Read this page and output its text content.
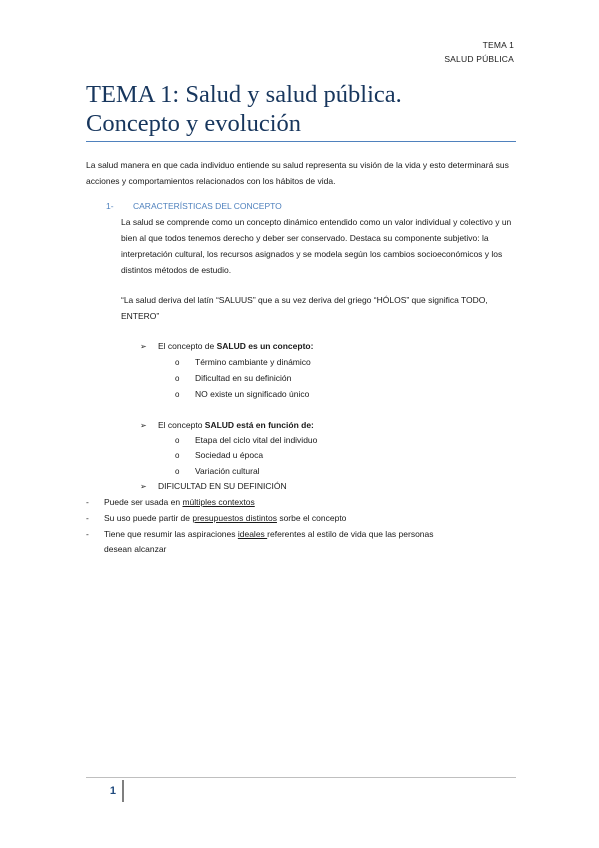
TEMA 1
SALUD PÚBLICA
TEMA 1: Salud y salud pública.
Concepto y evolución

La salud manera en que cada individuo entiende su salud representa su visión de la vida y esto determinará sus acciones y comportamientos relacionados con los hábitos de vida.

1- CARACTERÍSTICAS DEL CONCEPTO

La salud se comprende como un concepto dinámico entendido como un valor individual y colectivo y un bien al que todos tenemos derecho y deber ser conservado. Destaca su componente subjetivo: la interpretación cultural, los recursos asignados y se modela según los cambios socioeconómicos y los distintos métodos de estudio.

“La salud deriva del latín “SALUUS” que a su vez deriva del griego “HÓLOS” que significa TODO, ENTERO”

➢ El concepto de SALUD es un concepto:
o Término cambiante y dinámico
o Dificultad en su definición
o NO existe un significado único
➢ El concepto SALUD está en función de:
o Etapa del ciclo vital del individuo
o Sociedad u época
o Variación cultural
➢ DIFICULTAD EN SU DEFINICIÓN
- Puede ser usada en múltiples contextos
- Su uso puede partir de presupuestos distintos sorbe el concepto
- Tiene que resumir las aspiraciones ideales referentes al estilo de vida que las personas
desean alcanzar
1
